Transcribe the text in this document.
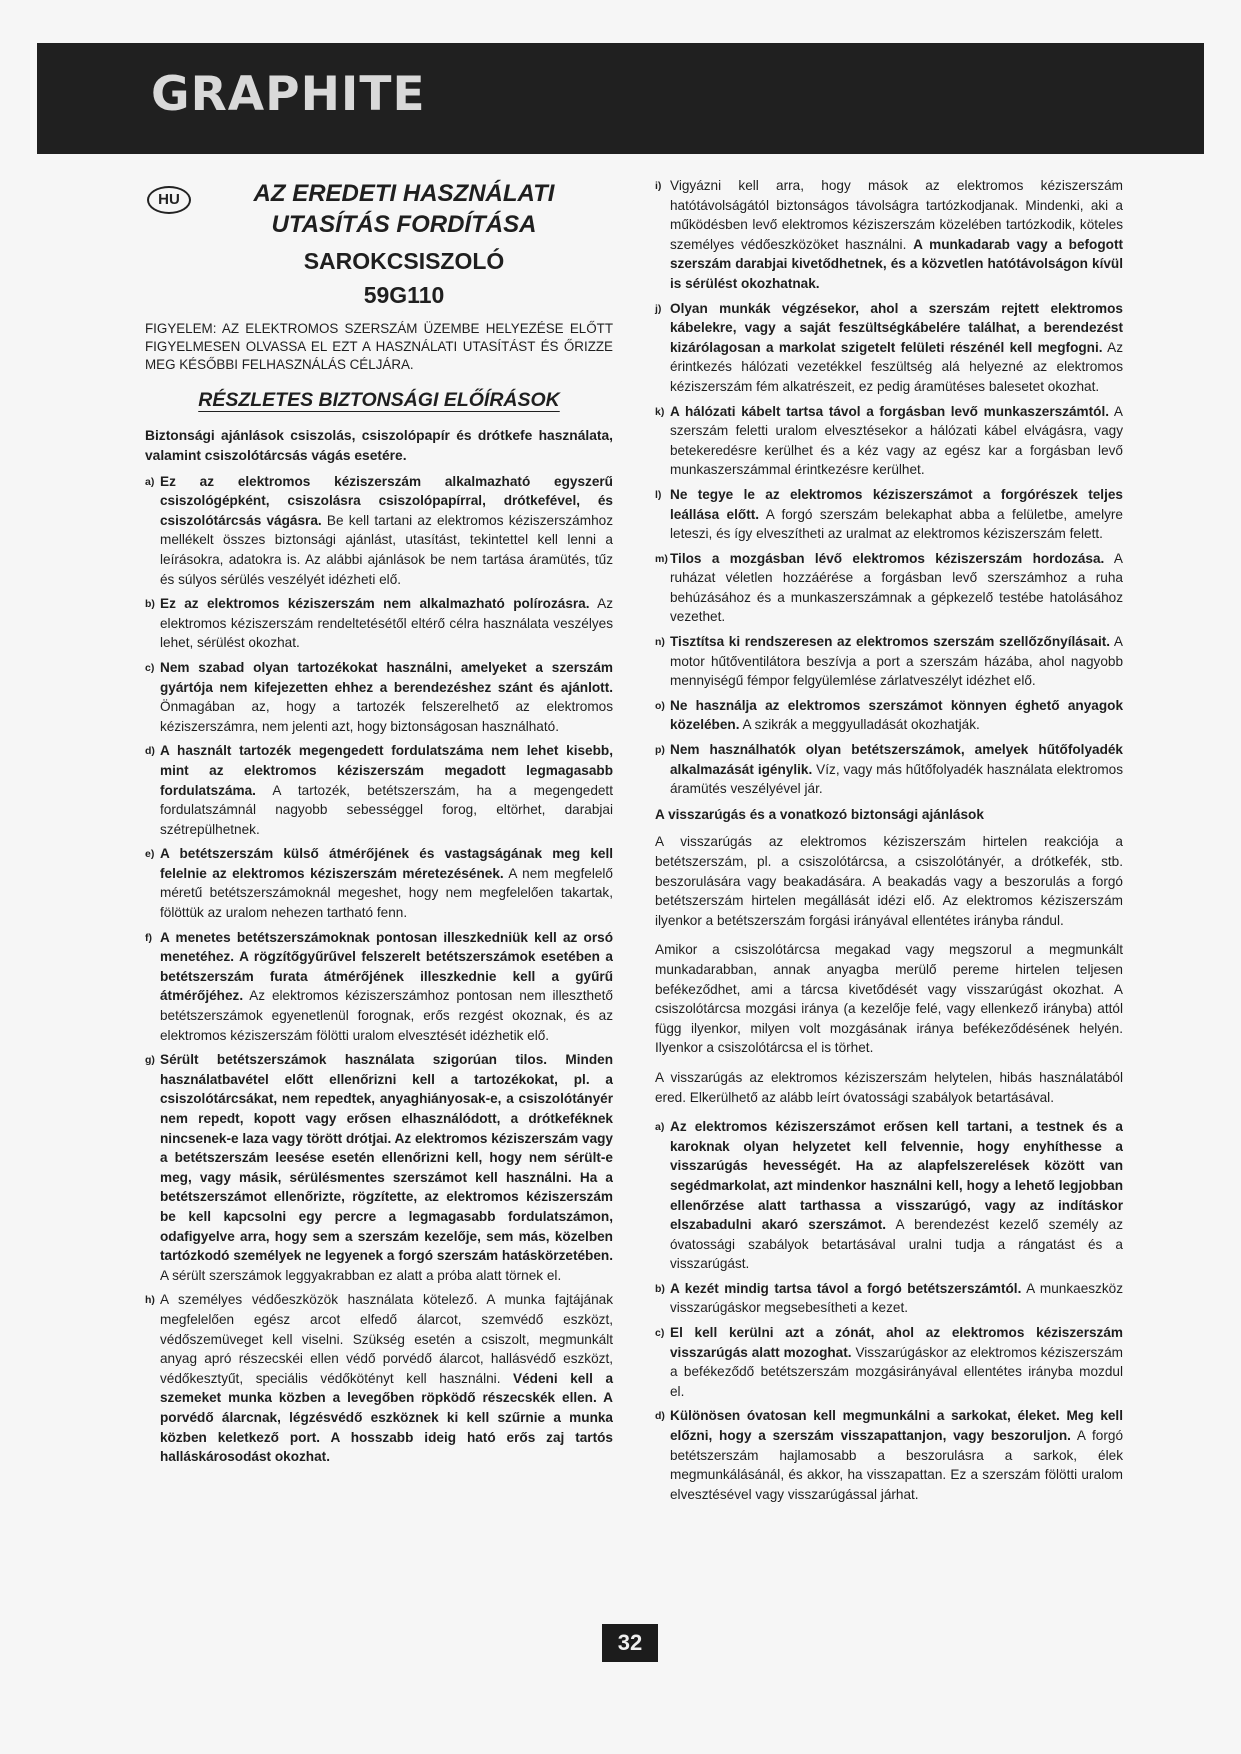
GRAPHITE
HU	AZ EREDETI HASZNÁLATI
UTASÍTÁS FORDÍTÁSA
SAROKCSISZOLÓ
59G110
FIGYELEM: AZ ELEKTROMOS SZERSZÁM ÜZEMBE HELYEZÉSE ELŐTT FIGYELMESEN OLVASSA EL EZT A HASZNÁLATI UTASÍTÁST ÉS ŐRIZZE MEG KÉSŐBBI FELHASZNÁLÁS CÉLJÁRA.
RÉSZLETES BIZTONSÁGI ELŐÍRÁSOK
Biztonsági ajánlások csiszolás, csiszolópapír és drótkefe használata, valamint csiszolótárcsás vágás esetére.
a) Ez az elektromos kéziszerszám alkalmazható egyszerű csiszológépként, csiszolásra csiszolópapírral, drótkefével, és csiszolótárcsás vágásra. Be kell tartani az elektromos kéziszerszámhoz mellékelt összes biztonsági ajánlást, utasítást, tekintettel kell lenni a leírásokra, adatokra is. Az alábbi ajánlások be nem tartása áramütés, tűz és súlyos sérülés veszélyét idézheti elő.
b) Ez az elektromos kéziszerszám nem alkalmazható polírozásra. Az elektromos kéziszerszám rendeltetésétől eltérő célra használata veszélyes lehet, sérülést okozhat.
c) Nem szabad olyan tartozékokat használni, amelyeket a szerszám gyártója nem kifejezetten ehhez a berendezéshez szánt és ajánlott. Önmagában az, hogy a tartozék felszerelhető az elektromos kéziszerszámra, nem jelenti azt, hogy biztonságosan használható.
d) A használt tartozék megengedett fordulatszáma nem lehet kisebb, mint az elektromos kéziszerszám megadott legmagasabb fordulatszáma. A tartozék, betétszerszám, ha a megengedett fordulatszámnál nagyobb sebességgel forog, eltörhet, darabjai szétrepülhetnek.
e) A betétszerszám külső átmérőjének és vastagságának meg kell felelnie az elektromos kéziszerszám méretezésének. A nem megfelelő méretű betétszerszámoknál megeshet, hogy nem megfelelően takartak, fölöttük az uralom nehezen tartható fenn.
f) A menetes betétszerszámoknak pontosan illeszkedniük kell az orsó menetéhez. A rögzítőgyűrűvel felszerelt betétszerszámok esetében a betétszerszám furata átmérőjének illeszkednie kell a gyűrű átmérőjéhez. Az elektromos kéziszerszámhoz pontosan nem illeszthető betétszerszámok egyenetlenül forognak, erős rezgést okoznak, és az elektromos kéziszerszám fölötti uralom elvesztését idézhetik elő.
g) Sérült betétszerszámok használata szigorúan tilos. Minden használatbavétel előtt ellenőrizni kell a tartozékokat, pl. a csiszolótárcsákat, nem repedtek, anyaghiányosak-e, a csiszolótányér nem repedt, kopott vagy erősen elhasználódott, a drótkeféknek nincsenek-e laza vagy törött drótjai. Az elektromos kéziszerszám vagy a betétszerszám leesése esetén ellenőrizni kell, hogy nem sérült-e meg, vagy másik, sérülésmentes szerszámot kell használni. Ha a betétszerszámot ellenőrizte, rögzítette, az elektromos kéziszerszám be kell kapcsolni egy percre a legmagasabb fordulatszámon, odafigyelve arra, hogy sem a szerszám kezelője, sem más, közelben tartózkodó személyek ne legyenek a forgó szerszám hatáskörzetében. A sérült szerszámok leggyakrabban ez alatt a próba alatt törnek el.
h) A személyes védőeszközök használata kötelező. A munka fajtájának megfelelően egész arcot elfedő álarcot, szemvédő eszközt, védőszemüveget kell viselni. Szükség esetén a csiszolt, megmunkált anyag apró részecskéi ellen védő porvédő álarcot, hallásvédő eszközt, védőkesztyűt, speciális védőkötényt kell használni. Védeni kell a szemeket munka közben a levegőben röpködő részecskék ellen. A porvédő álarcnak, légzésvédő eszköznek ki kell szűrnie a munka közben keletkező port. A hosszabb ideig ható erős zaj tartós halláskárosodást okozhat.
i) Vigyázni kell arra, hogy mások az elektromos kéziszerszám hatótávolságától biztonságos távolságra tartózkodjanak. Mindenki, aki a működésben levő elektromos kéziszerszám közelében tartózkodik, köteles személyes védőeszközöket használni. A munkadarab vagy a befogott szerszám darabjai kivetődhetnek, és a közvetlen hatótávolságon kívül is sérülést okozhatnak.
j) Olyan munkák végzésekor, ahol a szerszám rejtett elektromos kábelekre, vagy a saját feszültségkábelére találhat, a berendezést kizárólagosan a markolat szigetelt felületi részénél kell megfogni. Az érintkezés hálózati vezetékkel feszültség alá helyezné az elektromos kéziszerszám fém alkatrészeit, ez pedig áramütéses balesetet okozhat.
k) A hálózati kábelt tartsa távol a forgásban levő munkaszerszámtól. A szerszám feletti uralom elvesztésekor a hálózati kábel elvágásra, vagy betekeredésre kerülhet és a kéz vagy az egész kar a forgásban levő munkaszerszámmal érintkezésre kerülhet.
l) Ne tegye le az elektromos kéziszerszámot a forgórészek teljes leállása előtt. A forgó szerszám belekaphat abba a felületbe, amelyre leteszi, és így elveszítheti az uralmat az elektromos kéziszerszám felett.
m) Tilos a mozgásban lévő elektromos kéziszerszám hordozása. A ruházat véletlen hozzáérése a forgásban levő szerszámhoz a ruha behúzásához és a munkaszerszámnak a gépkezelő testébe hatolásához vezethet.
n) Tisztítsa ki rendszeresen az elektromos szerszám szellőzőnyílásait. A motor hűtőventilátora beszívja a port a szerszám házába, ahol nagyobb mennyiségű fémpor felgyülemlése zárlatveszélyt idézhet elő.
o) Ne használja az elektromos szerszámot könnyen éghető anyagok közelében. A szikrák a meggyulladását okozhatják.
p) Nem használhatók olyan betétszerszámok, amelyek hűtőfolyadék alkalmazását igénylik. Víz, vagy más hűtőfolyadék használata elektromos áramütés veszélyével jár.
A visszarúgás és a vonatkozó biztonsági ajánlások
A visszarúgás az elektromos kéziszerszám hirtelen reakciója a betétszerszám, pl. a csiszolótárcsa, a csiszolótányér, a drótkefék, stb. beszorulására vagy beakadására. A beakadás vagy a beszorulás a forgó betétszerszám hirtelen megállását idézi elő. Az elektromos kéziszerszám ilyenkor a betétszerszám forgási irányával ellentétes irányba rándul.
Amikor a csiszolótárcsa megakad vagy megszorul a megmunkált munkadarabban, annak anyagba merülő pereme hirtelen teljesen befékeződhet, ami a tárcsa kivetődését vagy visszarúgást okozhat. A csiszolótárcsa mozgási iránya (a kezelője felé, vagy ellenkező irányba) attól függ ilyenkor, milyen volt mozgásának iránya befékeződésének helyén. Ilyenkor a csiszolótárcsa el is törhet.
A visszarúgás az elektromos kéziszerszám helytelen, hibás használatából ered. Elkerülhető az alább leírt óvatossági szabályok betartásával.
a) Az elektromos kéziszerszámot erősen kell tartani, a testnek és a karoknak olyan helyzetet kell felvennie, hogy enyhíthesse a visszarúgás hevességét. Ha az alapfelszerelések között van segédmarkolat, azt mindenkor használni kell, hogy a lehető legjobban ellenőrzése alatt tarthassa a visszarúgó, vagy az indításkor elszabadulni akaró szerszámot. A berendezést kezelő személy az óvatossági szabályok betartásával uralni tudja a rángatást és a visszarúgást.
b) A kezét mindig tartsa távol a forgó betétszerszámtól. A munkaeszköz visszarúgáskor megsebesítheti a kezet.
c) El kell kerülni azt a zónát, ahol az elektromos kéziszerszám visszarúgás alatt mozoghat. Visszarúgáskor az elektromos kéziszerszám a befékeződő betétszerszám mozgásirányával ellentétes irányba mozdul el.
d) Különösen óvatosan kell megmunkálni a sarkokat, éleket. Meg kell előzni, hogy a szerszám visszapattanjon, vagy beszoruljon. A forgó betétszerszám hajlamosabb a beszorulásra a sarkok, élek megmunkálásánál, és akkor, ha visszapattan. Ez a szerszám fölötti uralom elvesztésével vagy visszarúgással járhat.
32
